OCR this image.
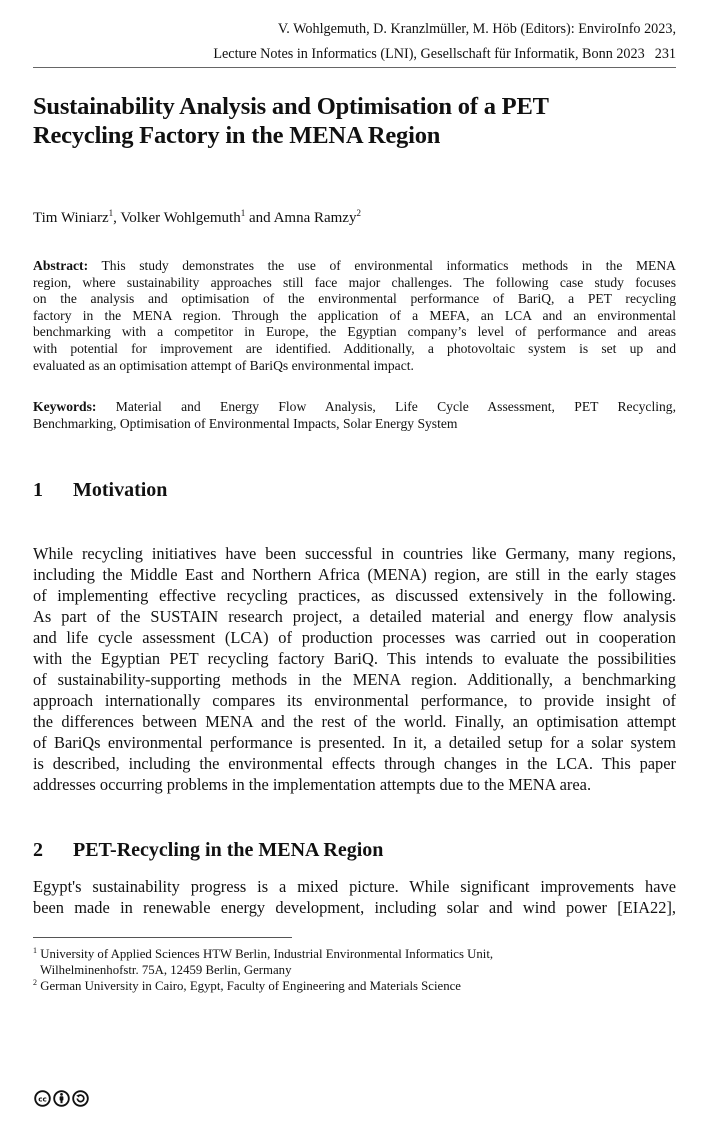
V. Wohlgemuth, D. Kranzlmüller, M. Höb (Editors): EnviroInfo 2023,
Lecture Notes in Informatics (LNI), Gesellschaft für Informatik, Bonn 2023 231
Sustainability Analysis and Optimisation of a PET
Recycling Factory in the MENA Region
Tim Winiarz$^1$, Volker Wohlgemuth$^1$ and Amna Ramzy$^2$
Abstract: This study demonstrates the use of environmental informatics methods in the MENA
region, where sustainability approaches still face major challenges. The following case study focuses
on the analysis and optimisation of the environmental performance of BariQ, a PET recycling
factory in the MENA region. Through the application of a MEFA, an LCA and an environmental
benchmarking with a competitor in Europe, the Egyptian company’s level of performance and areas
with potential for improvement are identified. Additionally, a photovoltaic system is set up and
evaluated as an optimisation attempt of BariQs environmental impact.
Keywords: Material and Energy Flow Analysis, Life Cycle Assessment, PET Recycling,
Benchmarking, Optimisation of Environmental Impacts, Solar Energy System
1 Motivation
While recycling initiatives have been successful in countries like Germany, many regions,
including the Middle East and Northern Africa (MENA) region, are still in the early stages
of implementing effective recycling practices, as discussed extensively in the following.
As part of the SUSTAIN research project, a detailed material and energy flow analysis
and life cycle assessment (LCA) of production processes was carried out in cooperation
with the Egyptian PET recycling factory BariQ. This intends to evaluate the possibilities
of sustainability-supporting methods in the MENA region. Additionally, a benchmarking
approach internationally compares its environmental performance, to provide insight of
the differences between MENA and the rest of the world. Finally, an optimisation attempt
of BariQs environmental performance is presented. In it, a detailed setup for a solar system
is described, including the environmental effects through changes in the LCA. This paper
addresses occurring problems in the implementation attempts due to the MENA area.
2 PET-Recycling in the MENA Region
Egypt's sustainability progress is a mixed picture. While significant improvements have
been made in renewable energy development, including solar and wind power [EIA22],
$^1$ University of Applied Sciences HTW Berlin, Industrial Environmental Informatics Unit,
Wilhelminenhofstr. 75A, 12459 Berlin, Germany
$^2$ German University in Cairo, Egypt, Faculty of Engineering and Materials Science
cc
